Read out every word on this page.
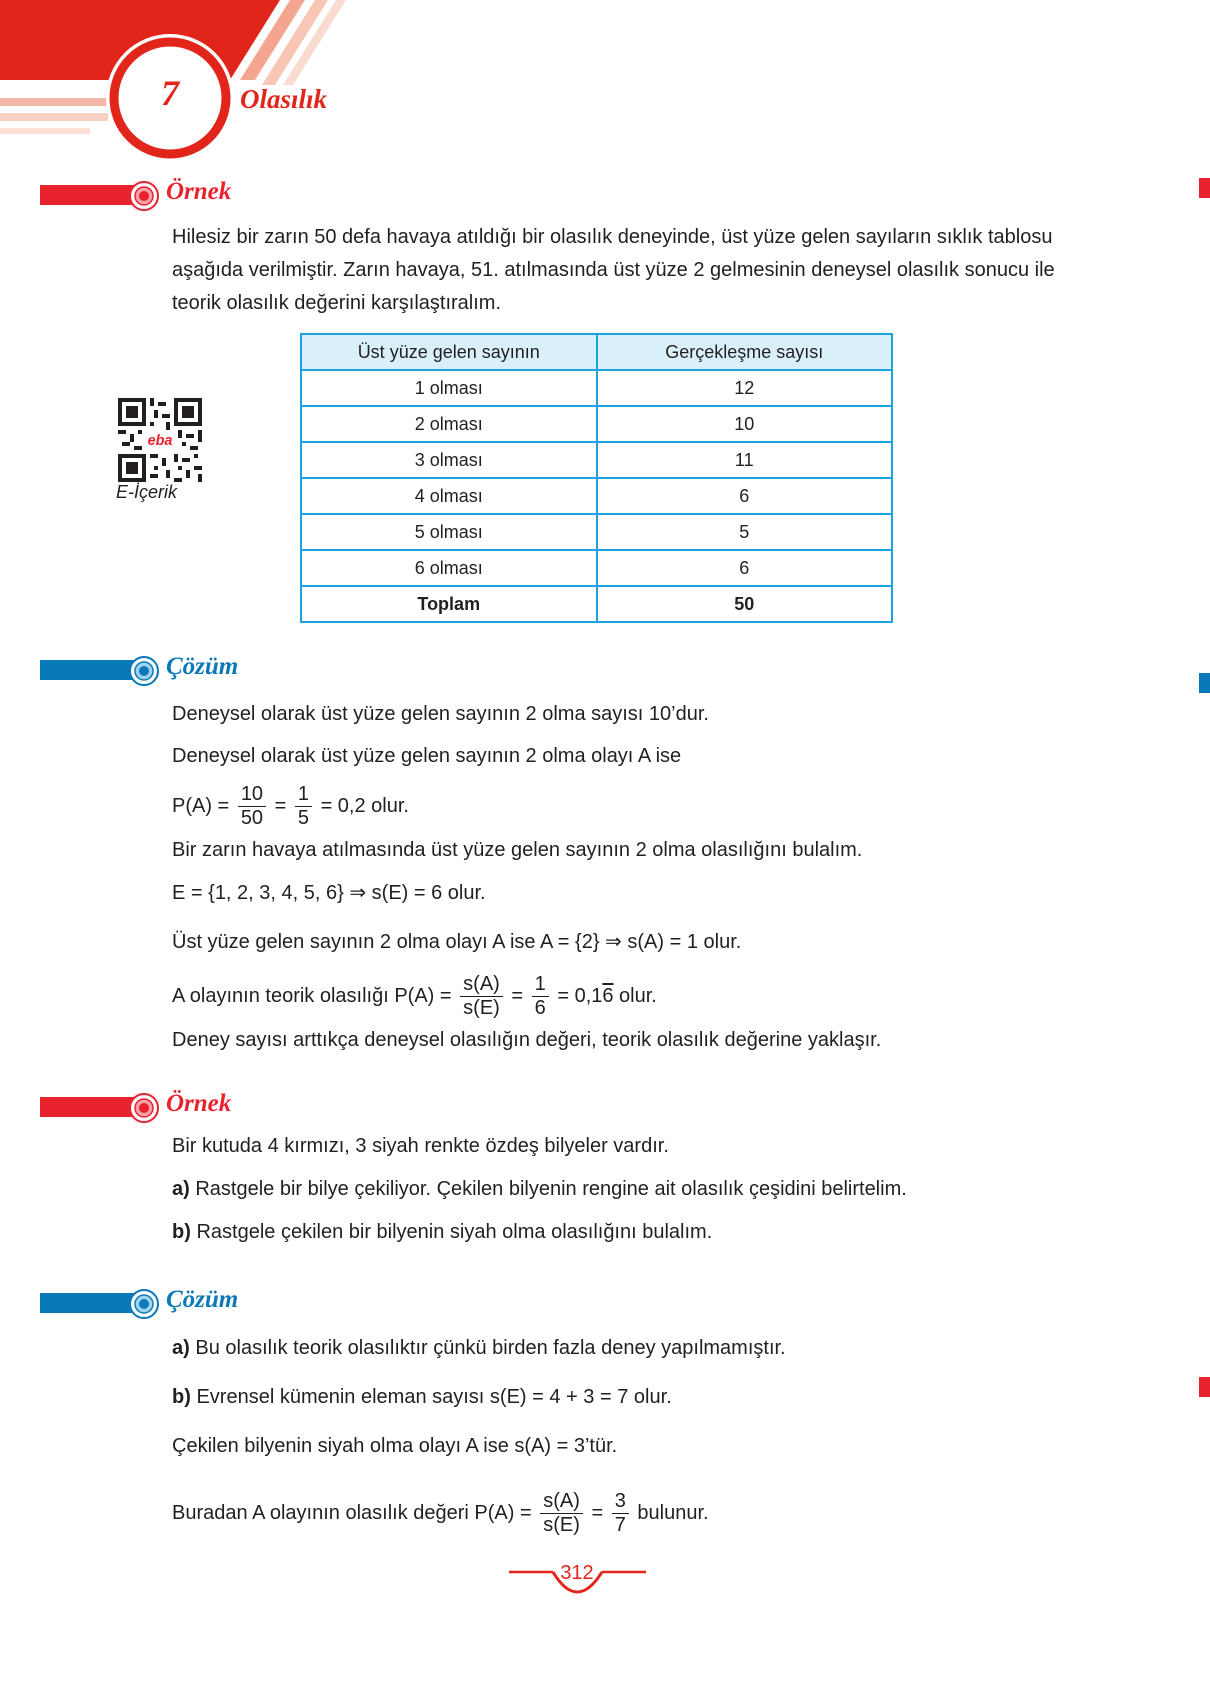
7	Olasılık
Örnek
Hilesiz bir zarın 50 defa havaya atıldığı bir olasılık deneyinde, üst yüze gelen sayıların sıklık tablosu aşağıda verilmiştir. Zarın havaya, 51. atılmasında üst yüze 2 gelmesinin deneysel olasılık sonucu ile teorik olasılık değerini karşılaştıralım.
eba
E-İçerik
Üst yüze gelen sayının	Gerçekleşme sayısı
1 olması	12
2 olması	10
3 olması	11
4 olması	6
5 olması	5
6 olması	6
Toplam	50
Çözüm
Deneysel olarak üst yüze gelen sayının 2 olma sayısı 10’dur.
Deneysel olarak üst yüze gelen sayının 2 olma olayı A ise
$P(A) = \frac{10}{50} = \frac{1}{5} = 0,2$ olur.
Bir zarın havaya atılmasında üst yüze gelen sayının 2 olma olasılığını bulalım.
E = {1, 2, 3, 4, 5, 6} ⇒ s(E) = 6 olur.
Üst yüze gelen sayının 2 olma olayı A ise A = {2} ⇒ s(A) = 1 olur.
A olayının teorik olasılığı $P(A) = \frac{s(A)}{s(E)} = \frac{1}{6} = 0,16$ olur.
Deney sayısı arttıkça deneysel olasılığın değeri, teorik olasılık değerine yaklaşır.
Örnek
Bir kutuda 4 kırmızı, 3 siyah renkte özdeş bilyeler vardır.
a) Rastgele bir bilye çekiliyor. Çekilen bilyenin rengine ait olasılık çeşidini belirtelim.
b) Rastgele çekilen bir bilyenin siyah olma olasılığını bulalım.
Çözüm
a) Bu olasılık teorik olasılıktır çünkü birden fazla deney yapılmamıştır.
b) Evrensel kümenin eleman sayısı s(E) = 4 + 3 = 7 olur.
Çekilen bilyenin siyah olma olayı A ise s(A) = 3’tür.
Buradan A olayının olasılık değeri $P(A) = \frac{s(A)}{s(E)} = \frac{3}{7}$ bulunur.
312
